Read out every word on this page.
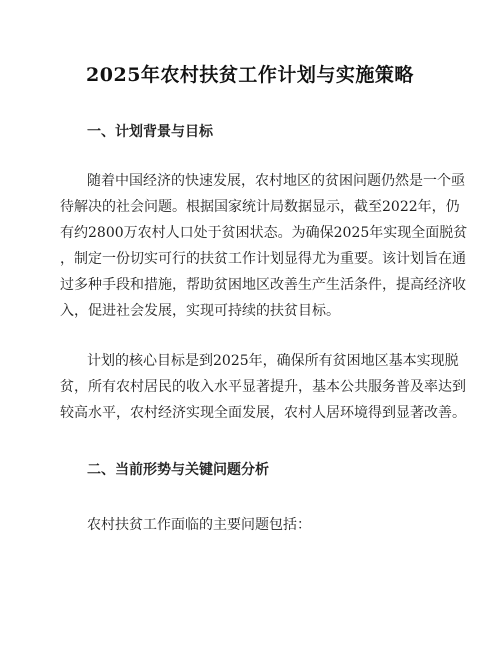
2025年农村扶贫工作计划与实施策略
一、计划背景与目标
随着中国经济的快速发展，农村地区的贫困问题仍然是一个亟
待解决的社会问题。根据国家统计局数据显示，截至2022年，仍
有约2800万农村人口处于贫困状态。为确保2025年实现全面脱贫
，制定一份切实可行的扶贫工作计划显得尤为重要。该计划旨在通
过多种手段和措施，帮助贫困地区改善生产生活条件，提高经济收
入，促进社会发展，实现可持续的扶贫目标。
计划的核心目标是到2025年，确保所有贫困地区基本实现脱
贫，所有农村居民的收入水平显著提升，基本公共服务普及率达到
较高水平，农村经济实现全面发展，农村人居环境得到显著改善。
二、当前形势与关键问题分析
农村扶贫工作面临的主要问题包括：
